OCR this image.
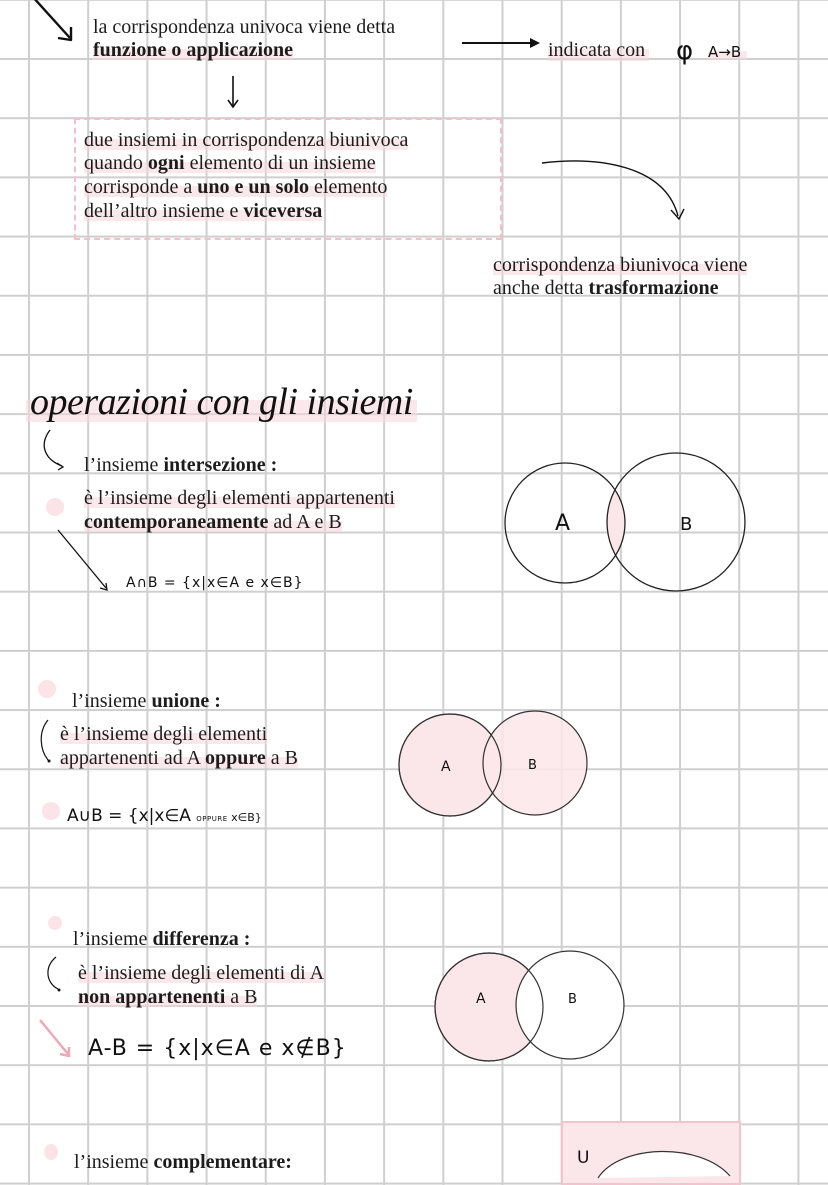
la corrispondenza univoca viene detta
funzione o applicazione	indicata con φ A→B
due insiemi in corrispondenza biunivoca
quando ogni elemento di un insieme
corrisponde a uno e un solo elemento
dell’altro insieme e viceversa
corrispondenza biunivoca viene
anche detta trasformazione
operazioni con gli insiemi
l’insieme intersezione :
è l’insieme degli elementi appartenenti
contemporaneamente ad A e B
A∩B = {x|x∈A e x∈B}
A	B
l’insieme unione :
è l’insieme degli elementi
appartenenti ad A oppure a B
A∪B = {x|x∈A OPPURE x∈B}
A	B
l’insieme differenza :
è l’insieme degli elementi di A
non appartenenti a B
A-B = {x|x∈A e x∉B}
A	B
l’insieme complementare:	U
